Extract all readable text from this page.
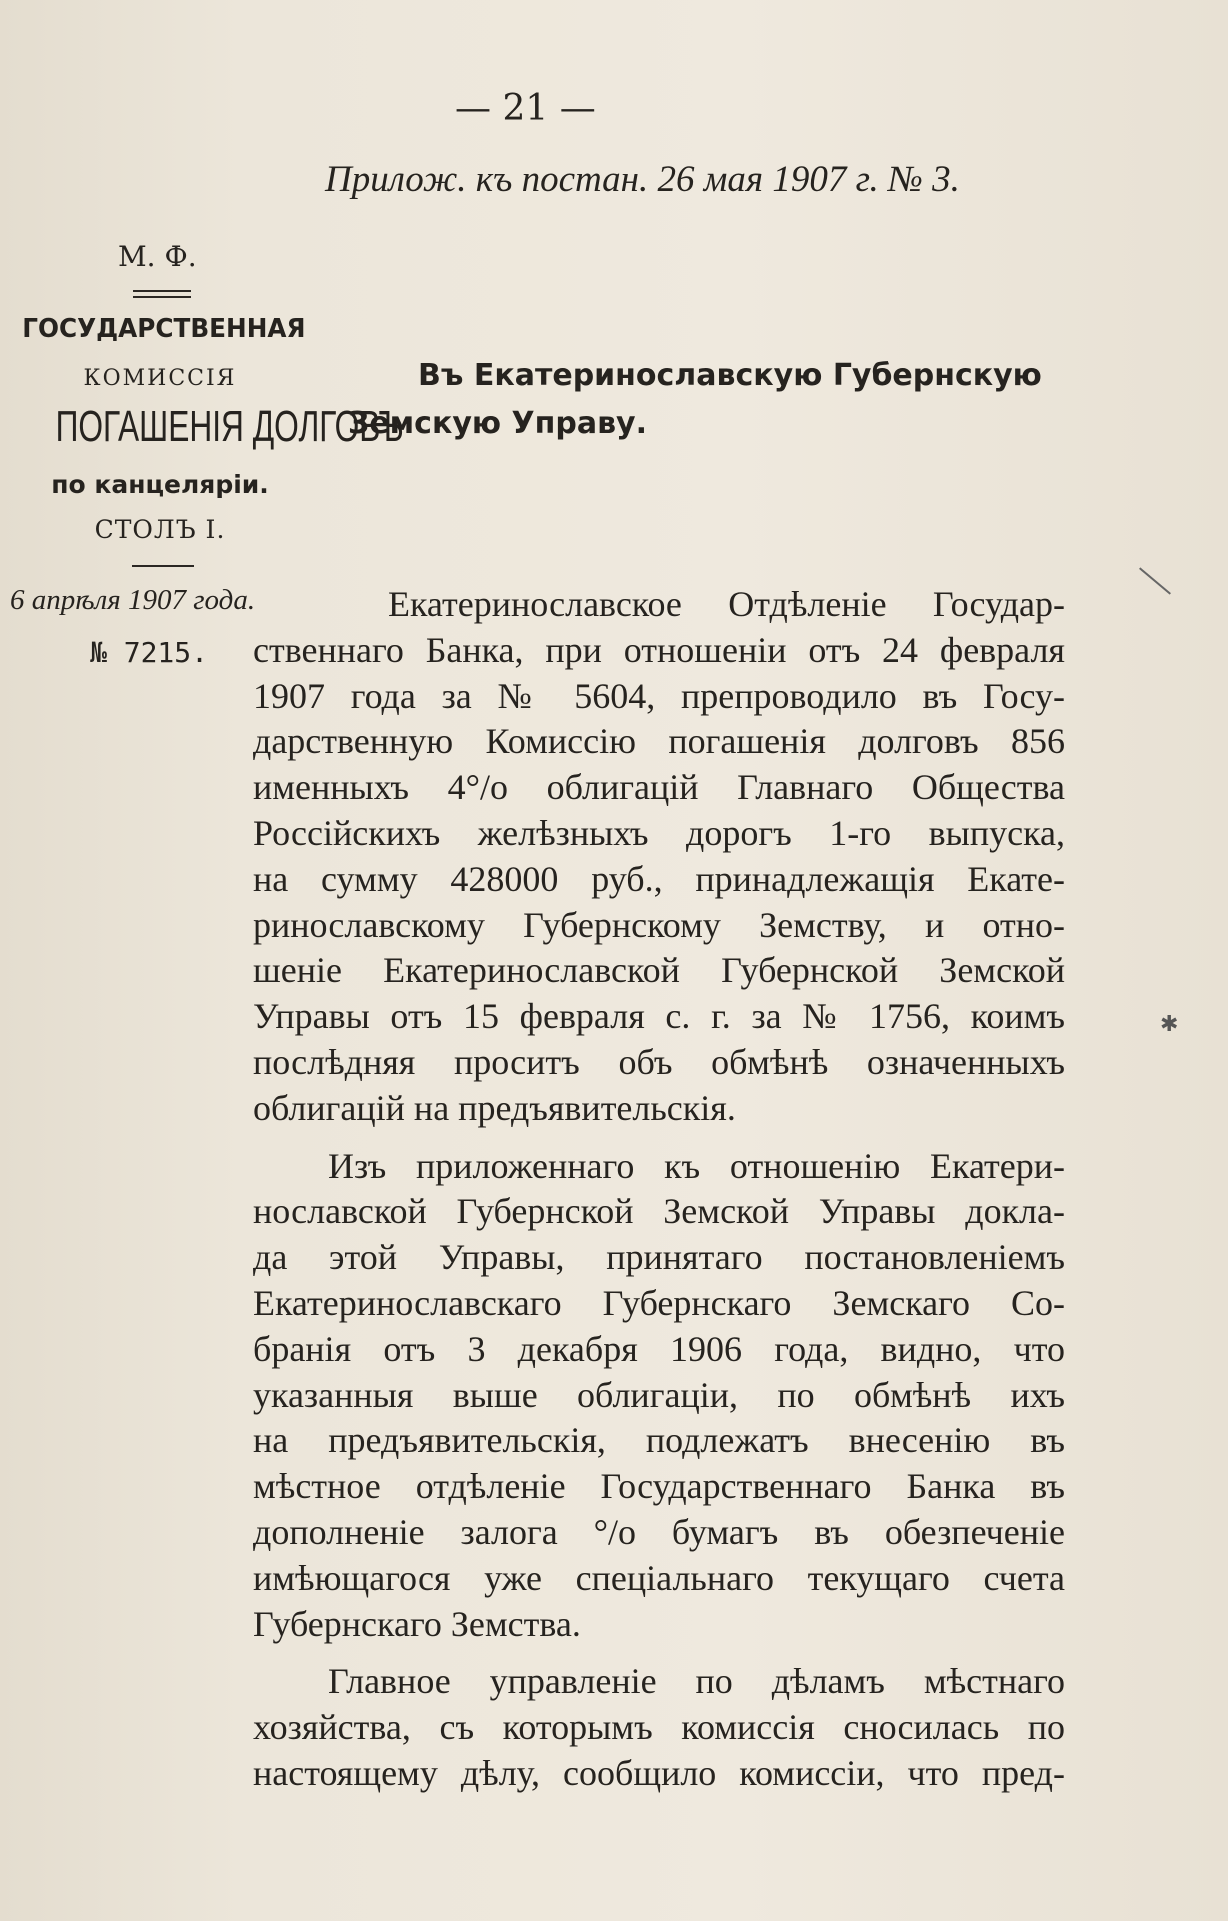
— 21 —
Прилож. къ постан. 26 мая 1907 г. № 3.
М. Ф.
ГОСУДАРСТВЕННАЯ
КОМИССІЯ
ПОГАШЕНІЯ ДОЛГОВЪ
по канцеляріи.
СТОЛЪ I.
6 апрѣля 1907 года.
№ 7215.
Въ Екатеринославскую Губернскую
Земскую Управу.
Екатеринославское Отдѣленіе Государ-
ственнаго Банка, при отношеніи отъ 24 февраля
1907 года за № 5604, препроводило въ Госу-
дарственную Комиссію погашенія долговъ 856
именныхъ 4°/о облигацій Главнаго Общества
Россійскихъ желѣзныхъ дорогъ 1-го выпуска,
на сумму 428000 руб., принадлежащія Екате-
ринославскому Губернскому Земству, и отно-
шеніе Екатеринославской Губернской Земской
Управы отъ 15 февраля с. г. за № 1756, коимъ
послѣдняя проситъ объ обмѣнѣ означенныхъ
облигацій на предъявительскія.
Изъ приложеннаго къ отношенію Екатери-
нославской Губернской Земской Управы докла-
да этой Управы, принятаго постановленіемъ
Екатеринославскаго Губернскаго Земскаго Со-
бранія отъ 3 декабря 1906 года, видно, что
указанныя выше облигаціи, по обмѣнѣ ихъ
на предъявительскія, подлежатъ внесенію въ
мѣстное отдѣленіе Государственнаго Банка въ
дополненіе залога °/о бумагъ въ обезпеченіе
имѣющагося уже спеціальнаго текущаго счета
Губернскаго Земства.
Главное управленіе по дѣламъ мѣстнаго
хозяйства, съ которымъ комиссія сносилась по
настоящему дѣлу, сообщило комиссіи, что пред-
✱
